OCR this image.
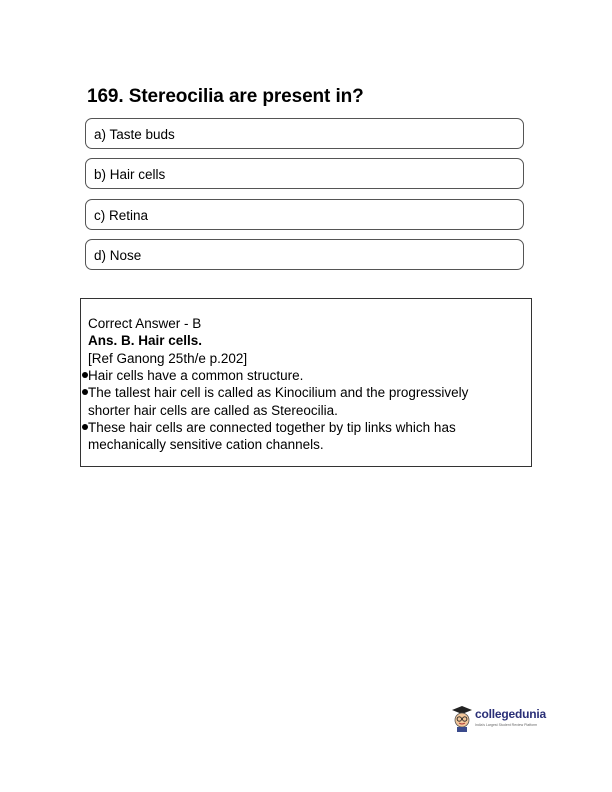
169. Stereocilia are present in?
a) Taste buds
b) Hair cells
c) Retina
d) Nose
Correct Answer - B
Ans. B. Hair cells.
[Ref Ganong 25th/e p.202]
Hair cells have a common structure.
The tallest hair cell is called as Kinocilium and the progressively
shorter hair cells are called as Stereocilia.
These hair cells are connected together by tip links which has
mechanically sensitive cation channels.
collegedunia
India's Largest Student Review Platform
